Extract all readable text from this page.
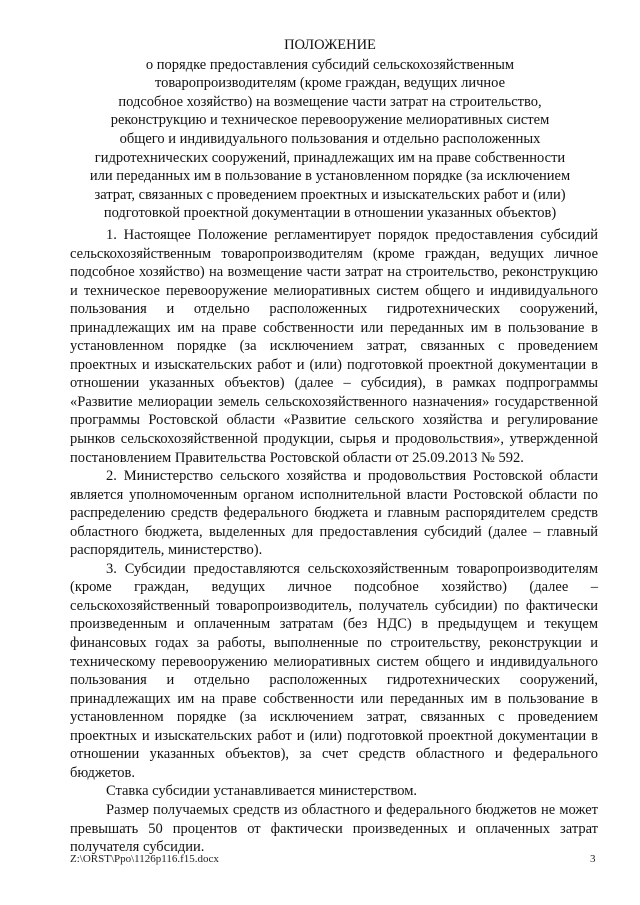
ПОЛОЖЕНИЕ
о порядке предоставления субсидий сельскохозяйственным
товаропроизводителям (кроме граждан, ведущих личное
подсобное хозяйство) на возмещение части затрат на строительство,
реконструкцию и техническое перевооружение мелиоративных систем
общего и индивидуального пользования и отдельно расположенных
гидротехнических сооружений, принадлежащих им на праве собственности
или переданных им в пользование в установленном порядке (за исключением
затрат, связанных с проведением проектных и изыскательских работ и (или)
подготовкой проектной документации в отношении указанных объектов)

1. Настоящее Положение регламентирует порядок предоставления субсидий сельскохозяйственным товаропроизводителям (кроме граждан, ведущих личное подсобное хозяйство) на возмещение части затрат на строительство, реконструкцию и техническое перевооружение мелиоративных систем общего и индивидуального пользования и отдельно расположенных гидротехнических сооружений, принадлежащих им на праве собственности или переданных им в пользование в установленном порядке (за исключением затрат, связанных с проведением проектных и изыскательских работ и (или) подготовкой проектной документации в отношении указанных объектов) (далее – субсидия), в рамках подпрограммы «Развитие мелиорации земель сельскохозяйственного назначения» государственной программы Ростовской области «Развитие сельского хозяйства и регулирование рынков сельскохозяйственной продукции, сырья и продовольствия», утвержденной постановлением Правительства Ростовской области от 25.09.2013 № 592.

2. Министерство сельского хозяйства и продовольствия Ростовской области является уполномоченным органом исполнительной власти Ростовской области по распределению средств федерального бюджета и главным распорядителем средств областного бюджета, выделенных для предоставления субсидий (далее – главный распорядитель, министерство).

3. Субсидии предоставляются сельскохозяйственным товаропроизводителям (кроме граждан, ведущих личное подсобное хозяйство) (далее – сельскохозяйственный товаропроизводитель, получатель субсидии) по фактически произведенным и оплаченным затратам (без НДС) в предыдущем и текущем финансовых годах за работы, выполненные по строительству, реконструкции и техническому перевооружению мелиоративных систем общего и индивидуального пользования и отдельно расположенных гидротехнических сооружений, принадлежащих им на праве собственности или переданных им в пользование в установленном порядке (за исключением затрат, связанных с проведением проектных и изыскательских работ и (или) подготовкой проектной документации в отношении указанных объектов), за счет средств областного и федерального бюджетов.

Ставка субсидии устанавливается министерством.

Размер получаемых средств из областного и федерального бюджетов не может превышать 50 процентов от фактически произведенных и оплаченных затрат получателя субсидии.

Z:\ORST\Ppo\1126p116.f15.docx	3
